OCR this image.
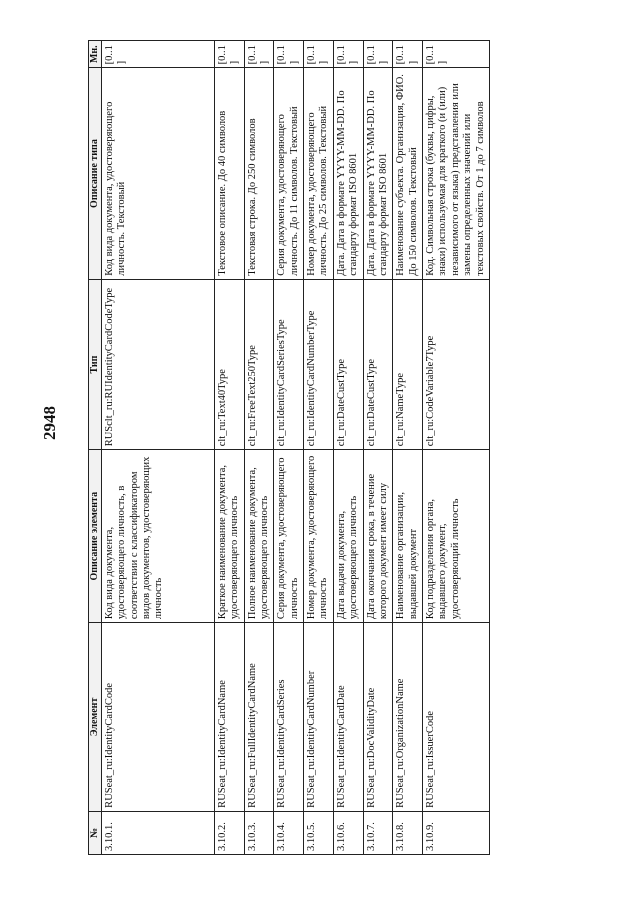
2948
№	Элемент	Описание элемента	Тип	Описание типа	Мн.
3.10.1.	RUSeat_ru:IdentityCardCode	Код вида документа, удостоверяющего личность, в соответствии с классификатором видов документов, удостоверяющих личность	RUSclt_ru:RUIdentityCardCodeType	Код вида документа, удостоверяющего личность. Текстовый	[0..1]
3.10.2.	RUSeat_ru:IdentityCardName	Краткое наименование документа, удостоверяющего личность	clt_ru:Text40Type	Текстовое описание. До 40 символов	[0..1]
3.10.3.	RUSeat_ru:FullIdentityCardName	Полное наименование документа, удостоверяющего личность	clt_ru:FreeText250Type	Текстовая строка. До 250 символов	[0..1]
3.10.4.	RUSeat_ru:IdentityCardSeries	Серия документа, удостоверяющего личность	clt_ru:IdentityCardSeriesType	Серия документа, удостоверяющего личность. До 11 символов. Текстовый	[0..1]
3.10.5.	RUSeat_ru:IdentityCardNumber	Номер документа, удостоверяющего личность	clt_ru:IdentityCardNumberType	Номер документа, удостоверяющего личность. До 25 символов. Текстовый	[0..1]
3.10.6.	RUSeat_ru:IdentityCardDate	Дата выдачи документа, удостоверяющего личность	clt_ru:DateCustType	Дата. Дата в формате YYYY-MM-DD. По стандарту формат ISO 8601	[0..1]
3.10.7.	RUSeat_ru:DocValidityDate	Дата окончания срока, в течение которого документ имеет силу	clt_ru:DateCustType	Дата. Дата в формате YYYY-MM-DD. По стандарту формат ISO 8601	[0..1]
3.10.8.	RUSeat_ru:OrganizationName	Наименование организации, выдавшей документ	clt_ru:NameType	Наименование субъекта. Организация, ФИО. До 150 символов. Текстовый	[0..1]
3.10.9.	RUSeat_ru:IssuerCode	Код подразделения органа, выдавшего документ, удостоверяющий личность	clt_ru:CodeVariable7Type	Код. Символьная строка (буквы, цифры, знаки) используемая для краткого (и (или) независимого от языка) представления или замены определенных значений или текстовых свойств. От 1 до 7 символов	[0..1]
